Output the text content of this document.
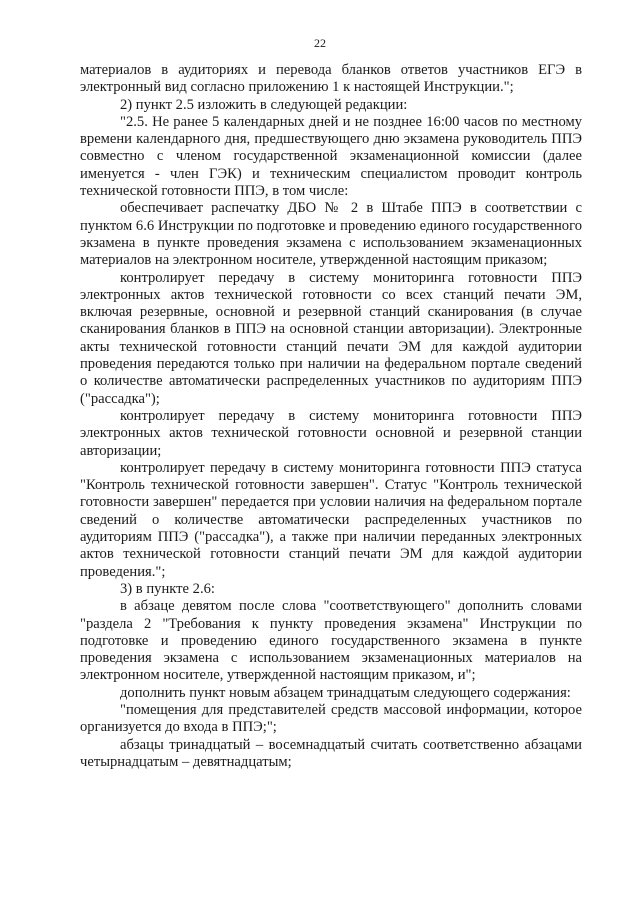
22

материалов в аудиториях и перевода бланков ответов участников ЕГЭ в электронный вид согласно приложению 1 к настоящей Инструкции.";

2) пункт 2.5 изложить в следующей редакции:

"2.5. Не ранее 5 календарных дней и не позднее 16:00 часов по местному времени календарного дня, предшествующего дню экзамена руководитель ППЭ совместно с членом государственной экзаменационной комиссии (далее именуется - член ГЭК) и техническим специалистом проводит контроль технической готовности ППЭ, в том числе:

обеспечивает распечатку ДБО № 2 в Штабе ППЭ в соответствии с пунктом 6.6 Инструкции по подготовке и проведению единого государственного экзамена в пункте проведения экзамена с использованием экзаменационных материалов на электронном носителе, утвержденной настоящим приказом;

контролирует передачу в систему мониторинга готовности ППЭ электронных актов технической готовности со всех станций печати ЭМ, включая резервные, основной и резервной станций сканирования (в случае сканирования бланков в ППЭ на основной станции авторизации). Электронные акты технической готовности станций печати ЭМ для каждой аудитории проведения передаются только при наличии на федеральном портале сведений о количестве автоматически распределенных участников по аудиториям ППЭ ("рассадка");

контролирует передачу в систему мониторинга готовности ППЭ электронных актов технической готовности основной и резервной станции авторизации;

контролирует передачу в систему мониторинга готовности ППЭ статуса "Контроль технической готовности завершен". Статус "Контроль технической готовности завершен" передается при условии наличия на федеральном портале сведений о количестве автоматически распределенных участников по аудиториям ППЭ ("рассадка"), а также при наличии переданных электронных актов технической готовности станций печати ЭМ для каждой аудитории проведения.";

3) в пункте 2.6:

в абзаце девятом после слова "соответствующего" дополнить словами "раздела 2 "Требования к пункту проведения экзамена" Инструкции по подготовке и проведению единого государственного экзамена в пункте проведения экзамена с использованием экзаменационных материалов на электронном носителе, утвержденной настоящим приказом, и";

дополнить пункт новым абзацем тринадцатым следующего содержания:

"помещения для представителей средств массовой информации, которое организуется до входа в ППЭ;";

абзацы тринадцатый – восемнадцатый считать соответственно абзацами четырнадцатым – девятнадцатым;
